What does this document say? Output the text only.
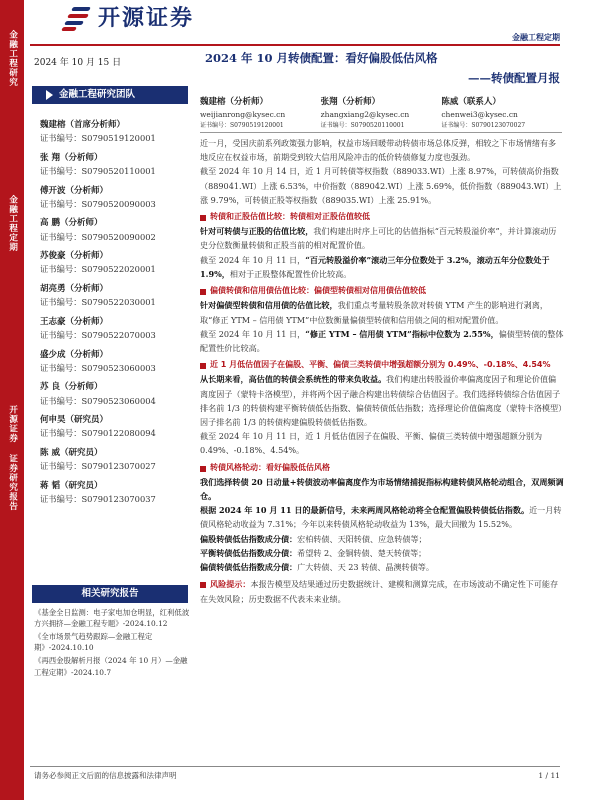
金融工程研究
金融工程定期
开源证券 证券研究报告
开源证券
金融工程定期
2024 年 10 月 15 日
金融工程研究团队
魏建榕（首席分析师）
证书编号：S0790519120001
张 翔（分析师）
证书编号：S0790520110001
傅开波（分析师）
证书编号：S0790520090003
高 鹏（分析师）
证书编号：S0790520090002
苏俊豪（分析师）
证书编号：S0790522020001
胡亮勇（分析师）
证书编号：S0790522030001
王志豪（分析师）
证书编号：S0790522070003
盛少成（分析师）
证书编号：S0790523060003
苏 良（分析师）
证书编号：S0790523060004
何申昊（研究员）
证书编号：S0790122080094
陈 威（研究员）
证书编号：S0790123070027
蒋 韬（研究员）
证书编号：S0790123070037
相关研究报告
《基金全日监测：电子家电加仓明显，红利低波方兴拥挤—金融工程专题》-2024.10.12
《全市场景气趋势跟踪—金融工程定期》-2024.10.10
《再西金股解析月报（2024 年 10 月）—金融工程定期》-2024.10.7
2024 年 10 月转债配置：看好偏股低估风格
——转债配置月报
魏建榕（分析师）
weijianrong@kysec.cn
证书编号：S0790519120001
张翔（分析师）
zhangxiang2@kysec.cn
证书编号：S0790520110001
陈威（联系人）
chenwei3@kysec.cn
证书编号：S0790123070027

近一月，受国庆前系列政策强力影响，权益市场回暖带动转债市场总体反弹，相较之下市场情绪有多地反应在权益市场，前期受到较大信用风险冲击的低价转债修复力度也强劲。

截至 2024 年 10 月 14 日，近 1 月可转债等权指数（889033.WI）上涨 8.97%，可转债高价指数（889041.WI）上涨 6.53%，中价指数（889042.WI）上涨 5.69%，低价指数（889043.WI）上涨 9.79%，可转债正股等权指数（889035.WI）上涨 25.91%。

转债和正股估值比较：转债相对正股估值较低

针对可转债与正股的估值比较，我们构建出时序上可比的估值指标“百元转股溢价率”，并计算滚动历史分位数衡量转债和正股当前的相对配置价值。

截至 2024 年 10 月 11 日，“百元转股溢价率”滚动三年分位数处于 3.2%，滚动五年分位数处于 1.9%，相对于正股整体配置性价比较高。

偏债转债和信用债估值比较：偏债型转债相对信用债估值较低

针对偏债型转债和信用债的估值比较，我们重点考量转股条款对转债 YTM 产生的影响进行剥离，取“修正 YTM – 信用债 YTM”中位数衡量偏债型转债和信用债之间的相对配置价值。

截至 2024 年 10 月 11 日，“修正 YTM – 信用债 YTM”指标中位数为 2.55%，偏债型转债的整体配置性价比较高。

近 1 月低估值因子在偏股、平衡、偏债三类转债中增强超额分别为 0.49%、-0.18%、4.54%

从长期来看，高估值的转债会系统性的带来负收益。我们构建出转股溢价率偏离度因子和理论价值偏离度因子（蒙特卡洛模型），并将两个因子融合构建出转债综合估值因子。我们选择转债综合估值因子排名前 1/3 的转债构建平衡转债低估指数、偏债转债低估指数；选择理论价值偏离度（蒙特卡洛模型）因子排名前 1/3 的转债构建偏股转债低估指数。

截至 2024 年 10 月 11 日，近 1 月低估值因子在偏股、平衡、偏债三类转债中增强超额分别为 0.49%、-0.18%、4.54%。

转债风格轮动：看好偏股低估风格

我们选择转债 20 日动量+转债波动率偏离度作为市场情绪捕捉指标构建转债风格轮动组合，双周频调仓。

根据 2024 年 10 月 11 日的最新信号，未来两周风格轮动将全仓配置偏股转债低估指数。近一月转债风格轮动收益为 7.31%；今年以来转债风格轮动收益为 13%，最大回撤为 15.52%。

偏股转债低估指数成分债：宏柏转债、天阳转债、应急转债等；

平衡转债低估指数成分债：希望转 2、金铜转债、楚天转债等；

偏债转债低估指数成分债：广大转债、天 23 转债、晶澳转债等。

风险提示：本报告模型及结果通过历史数据统计、建模和测算完成，在市场波动不确定性下可能存在失效风险；历史数据不代表未来业绩。

请务必参阅正文后面的信息披露和法律声明	1 / 11
